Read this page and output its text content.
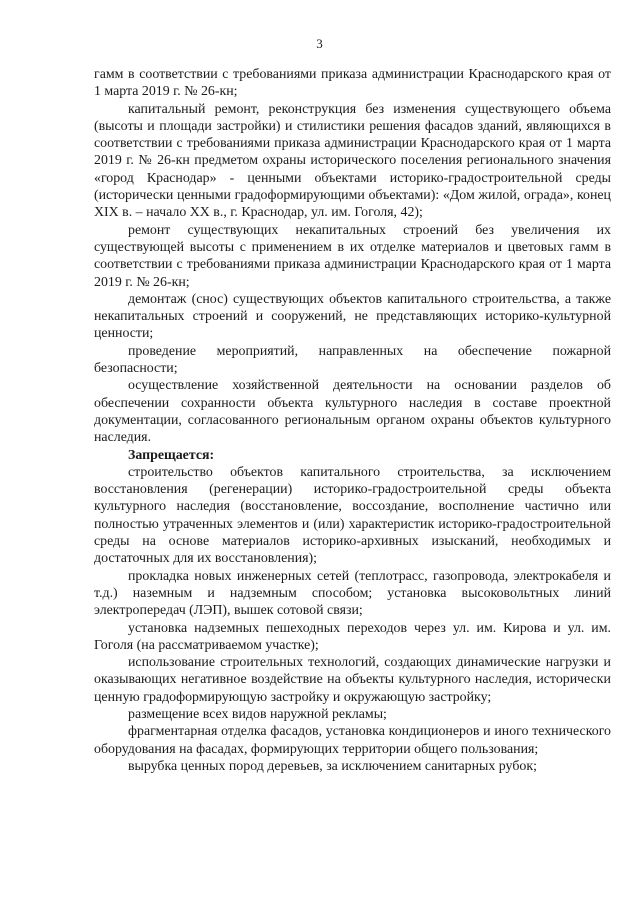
3

гамм в соответствии с требованиями приказа администрации Краснодарского края от 1 марта 2019 г. № 26-кн;

капитальный ремонт, реконструкция без изменения существующего объема (высоты и площади застройки) и стилистики решения фасадов зданий, являющихся в соответствии с требованиями приказа администрации Краснодарского края от 1 марта 2019 г. № 26-кн предметом охраны исторического поселения регионального значения «город Краснодар» - ценными объектами историко-градостроительной среды (исторически ценными градоформирующими объектами): «Дом жилой, ограда», конец XIX в. – начало XX в., г. Краснодар, ул. им. Гоголя, 42);

ремонт существующих некапитальных строений без увеличения их существующей высоты с применением в их отделке материалов и цветовых гамм в соответствии с требованиями приказа администрации Краснодарского края от 1 марта 2019 г. № 26-кн;

демонтаж (снос) существующих объектов капитального строительства, а также некапитальных строений и сооружений, не представляющих историко-культурной ценности;

проведение мероприятий, направленных на обеспечение пожарной безопасности;

осуществление хозяйственной деятельности на основании разделов об обеспечении сохранности объекта культурного наследия в составе проектной документации, согласованного региональным органом охраны объектов культурного наследия.

Запрещается:

строительство объектов капитального строительства, за исключением восстановления (регенерации) историко-градостроительной среды объекта культурного наследия (восстановление, воссоздание, восполнение частично или полностью утраченных элементов и (или) характеристик историко-градостроительной среды на основе материалов историко-архивных изысканий, необходимых и достаточных для их восстановления);

прокладка новых инженерных сетей (теплотрасс, газопровода, электрокабеля и т.д.) наземным и надземным способом; установка высоковольтных линий электропередач (ЛЭП), вышек сотовой связи;

установка надземных пешеходных переходов через ул. им. Кирова и ул. им. Гоголя (на рассматриваемом участке);

использование строительных технологий, создающих динамические нагрузки и оказывающих негативное воздействие на объекты культурного наследия, исторически ценную градоформирующую застройку и окружающую застройку;

размещение всех видов наружной рекламы;

фрагментарная отделка фасадов, установка кондиционеров и иного технического оборудования на фасадах, формирующих территории общего пользования;

вырубка ценных пород деревьев, за исключением санитарных рубок;
